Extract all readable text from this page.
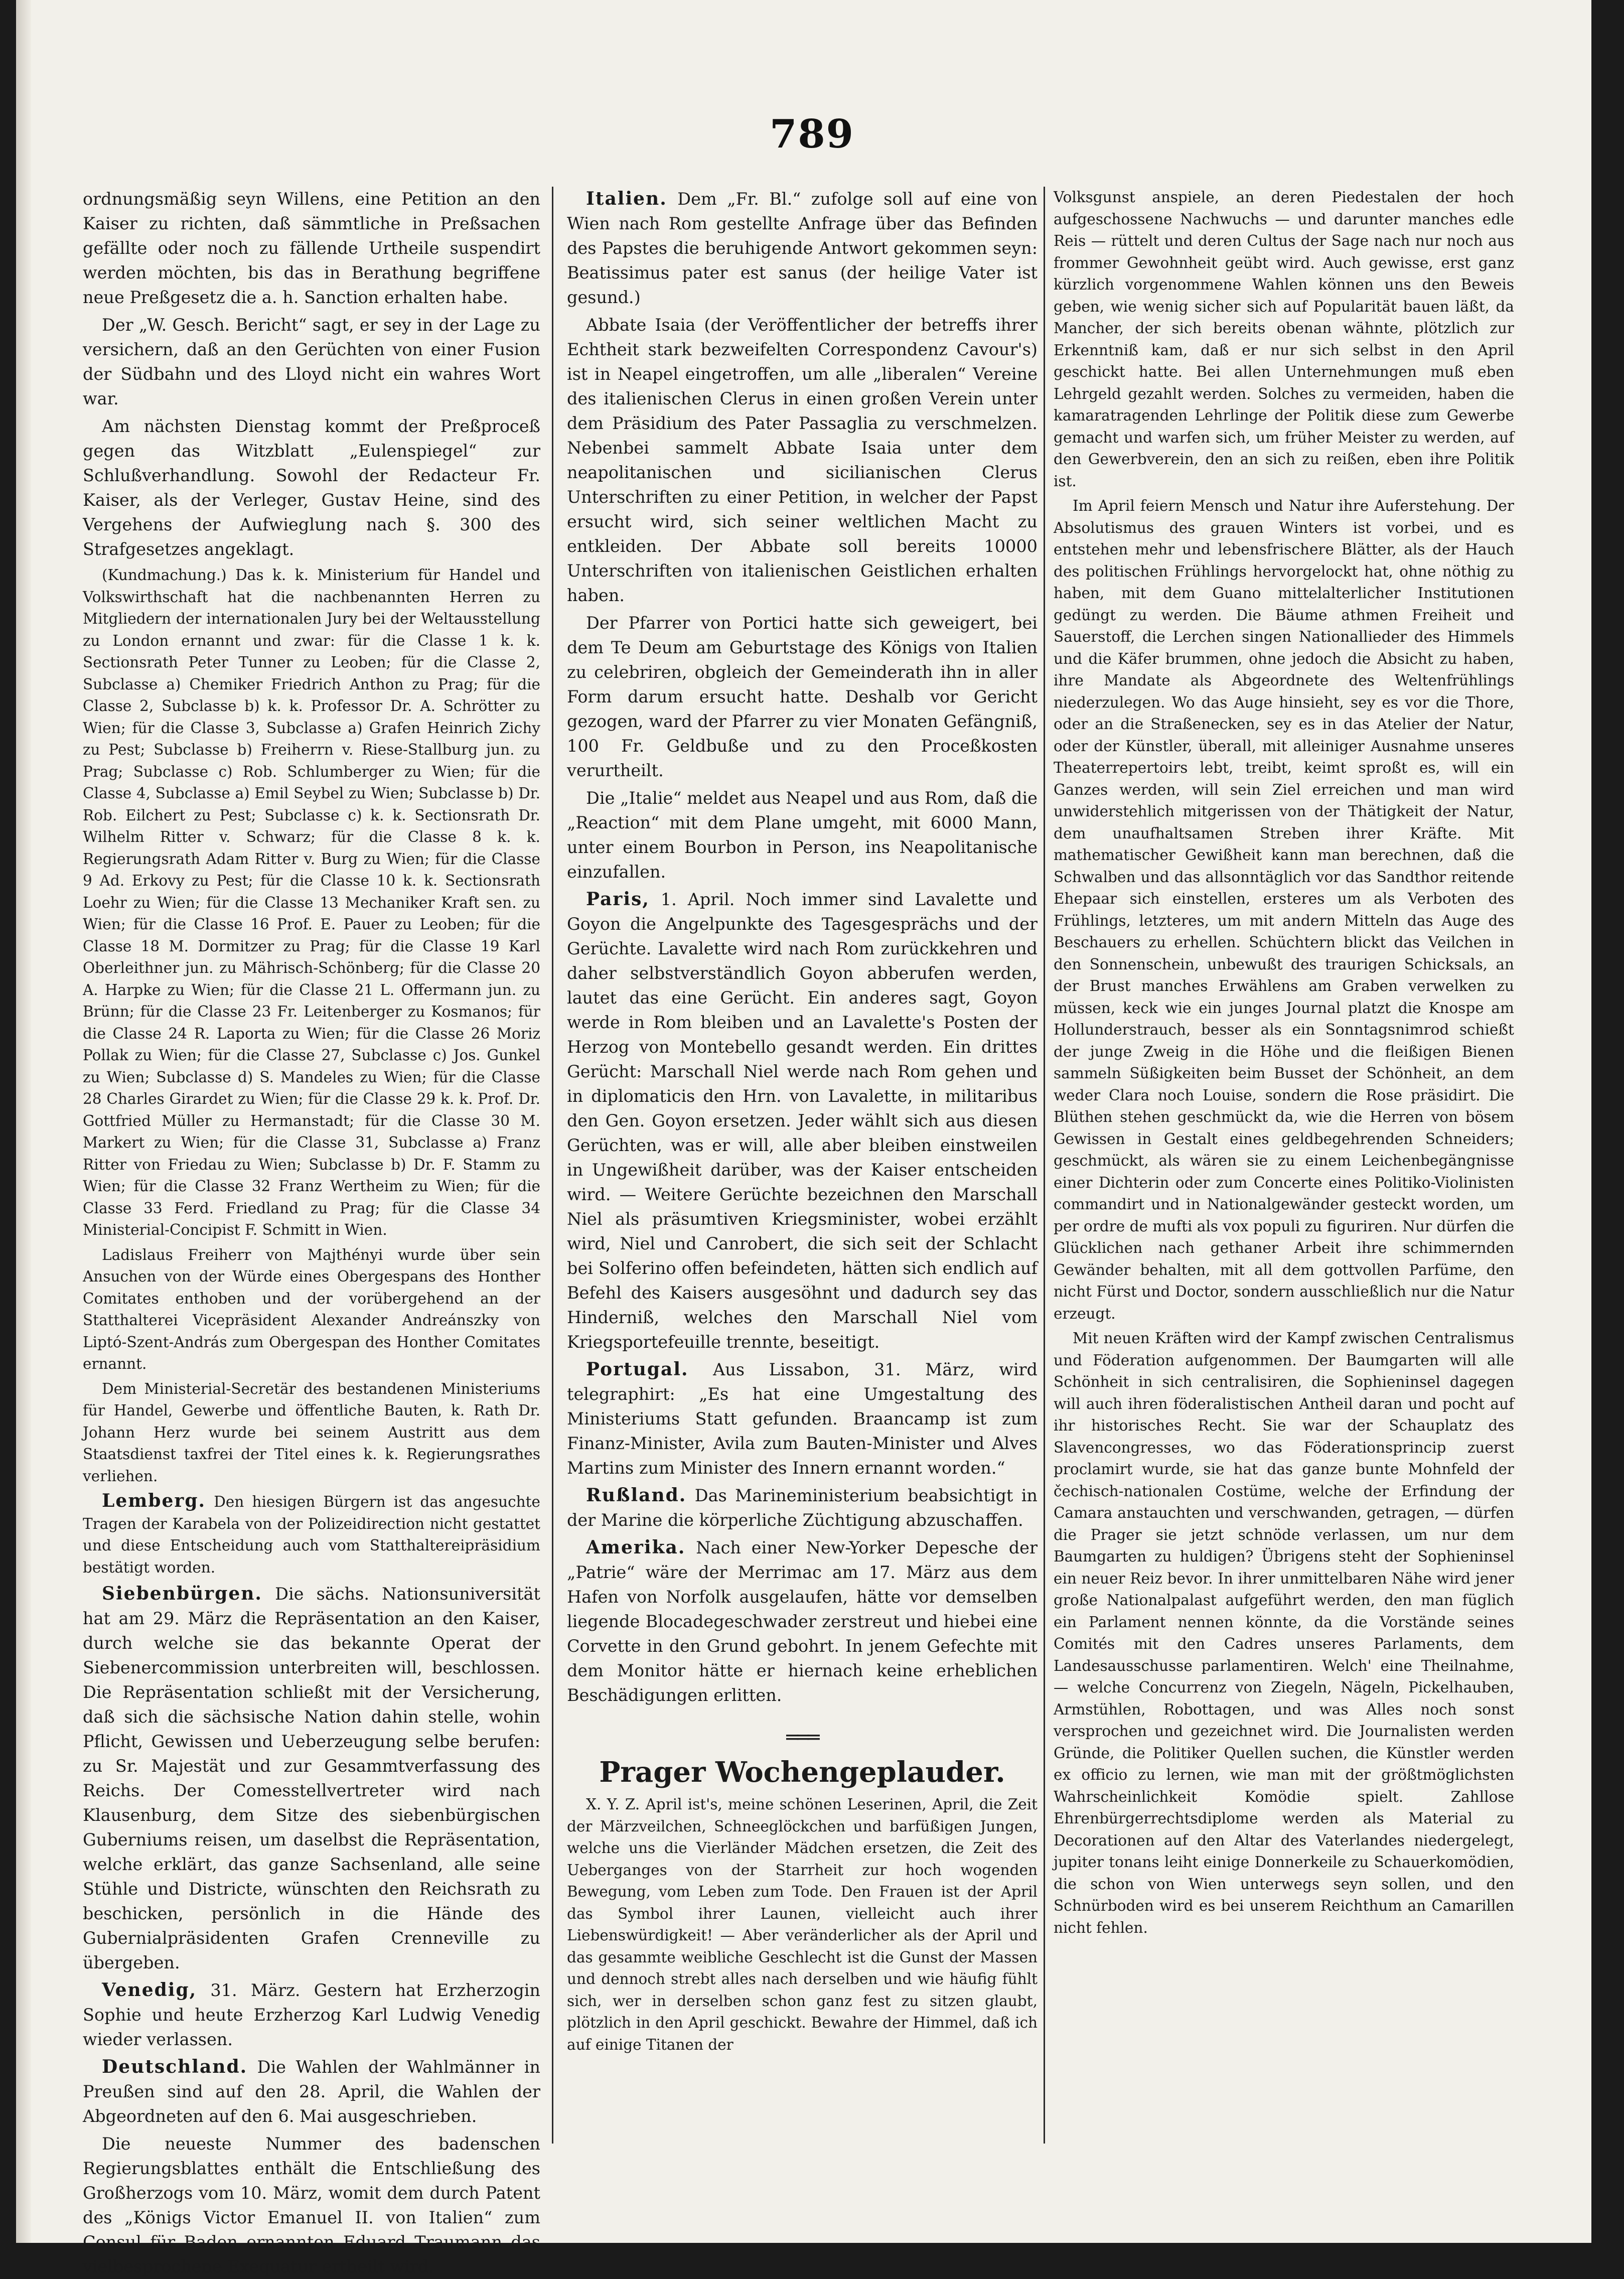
789

ordnungsmäßig seyn Willens, eine Petition an den Kaiser zu richten, daß sämmtliche in Preßsachen gefällte oder noch zu fällende Urtheile suspendirt werden möchten, bis das in Berathung begriffene neue Preßgesetz die a. h. Sanction erhalten habe.

Der „W. Gesch. Bericht“ sagt, er sey in der Lage zu versichern, daß an den Gerüchten von einer Fusion der Südbahn und des Lloyd nicht ein wahres Wort war.

Am nächsten Dienstag kommt der Preßproceß gegen das Witzblatt „Eulenspiegel“ zur Schlußverhandlung. Sowohl der Redacteur Fr. Kaiser, als der Verleger, Gustav Heine, sind des Vergehens der Aufwieglung nach §. 300 des Strafgesetzes angeklagt.

(Kundmachung.) Das k. k. Ministerium für Handel und Volkswirthschaft hat die nachbenannten Herren zu Mitgliedern der internationalen Jury bei der Weltausstellung zu London ernannt und zwar: für die Classe 1 k. k. Sectionsrath Peter Tunner zu Leoben; für die Classe 2, Subclasse a) Chemiker Friedrich Anthon zu Prag; für die Classe 2, Subclasse b) k. k. Professor Dr. A. Schrötter zu Wien; für die Classe 3, Subclasse a) Grafen Heinrich Zichy zu Pest; Subclasse b) Freiherrn v. Riese-Stallburg jun. zu Prag; Subclasse c) Rob. Schlumberger zu Wien; für die Classe 4, Subclasse a) Emil Seybel zu Wien; Subclasse b) Dr. Rob. Eilchert zu Pest; Subclasse c) k. k. Sectionsrath Dr. Wilhelm Ritter v. Schwarz; für die Classe 8 k. k. Regierungsrath Adam Ritter v. Burg zu Wien; für die Classe 9 Ad. Erkovy zu Pest; für die Classe 10 k. k. Sectionsrath Loehr zu Wien; für die Classe 13 Mechaniker Kraft sen. zu Wien; für die Classe 16 Prof. E. Pauer zu Leoben; für die Classe 18 M. Dormitzer zu Prag; für die Classe 19 Karl Oberleithner jun. zu Mährisch-Schönberg; für die Classe 20 A. Harpke zu Wien; für die Classe 21 L. Offermann jun. zu Brünn; für die Classe 23 Fr. Leitenberger zu Kosmanos; für die Classe 24 R. Laporta zu Wien; für die Classe 26 Moriz Pollak zu Wien; für die Classe 27, Subclasse c) Jos. Gunkel zu Wien; Subclasse d) S. Mandeles zu Wien; für die Classe 28 Charles Girardet zu Wien; für die Classe 29 k. k. Prof. Dr. Gottfried Müller zu Hermanstadt; für die Classe 30 M. Markert zu Wien; für die Classe 31, Subclasse a) Franz Ritter von Friedau zu Wien; Subclasse b) Dr. F. Stamm zu Wien; für die Classe 32 Franz Wertheim zu Wien; für die Classe 33 Ferd. Friedland zu Prag; für die Classe 34 Ministerial-Concipist F. Schmitt in Wien.

Ladislaus Freiherr von Majthényi wurde über sein Ansuchen von der Würde eines Obergespans des Honther Comitates enthoben und der vorübergehend an der Statthalterei Vicepräsident Alexander Andreánszky von Liptó-Szent-András zum Obergespan des Honther Comitates ernannt.

Dem Ministerial-Secretär des bestandenen Ministeriums für Handel, Gewerbe und öffentliche Bauten, k. Rath Dr. Johann Herz wurde bei seinem Austritt aus dem Staatsdienst taxfrei der Titel eines k. k. Regierungsrathes verliehen.

Lemberg. Den hiesigen Bürgern ist das angesuchte Tragen der Karabela von der Polizeidirection nicht gestattet und diese Entscheidung auch vom Statthaltereipräsidium bestätigt worden.

Siebenbürgen. Die sächs. Nationsuniversität hat am 29. März die Repräsentation an den Kaiser, durch welche sie das bekannte Operat der Siebenercommission unterbreiten will, beschlossen. Die Repräsentation schließt mit der Versicherung, daß sich die sächsische Nation dahin stelle, wohin Pflicht, Gewissen und Ueberzeugung selbe berufen: zu Sr. Majestät und zur Gesammtverfassung des Reichs. Der Comesstellvertreter wird nach Klausenburg, dem Sitze des siebenbürgischen Guberniums reisen, um daselbst die Repräsentation, welche erklärt, das ganze Sachsenland, alle seine Stühle und Districte, wünschten den Reichsrath zu beschicken, persönlich in die Hände des Gubernialpräsidenten Grafen Crenneville zu übergeben.

Venedig, 31. März. Gestern hat Erzherzogin Sophie und heute Erzherzog Karl Ludwig Venedig wieder verlassen.

Deutschland. Die Wahlen der Wahlmänner in Preußen sind auf den 28. April, die Wahlen der Abgeordneten auf den 6. Mai ausgeschrieben.

Die neueste Nummer des badenschen Regierungsblattes enthält die Entschließung des Großherzogs vom 10. März, womit dem durch Patent des „Königs Victor Emanuel II. von Italien“ zum Consul für Baden ernannten Eduard Traumann das vielbesprochene Exequatur ertheilt wird.

Italien. Dem „Fr. Bl.“ zufolge soll auf eine von Wien nach Rom gestellte Anfrage über das Befinden des Papstes die beruhigende Antwort gekommen seyn: Beatissimus pater est sanus (der heilige Vater ist gesund.)

Abbate Isaia (der Veröffentlicher der betreffs ihrer Echtheit stark bezweifelten Correspondenz Cavour's) ist in Neapel eingetroffen, um alle „liberalen“ Vereine des italienischen Clerus in einen großen Verein unter dem Präsidium des Pater Passaglia zu verschmelzen. Nebenbei sammelt Abbate Isaia unter dem neapolitanischen und sicilianischen Clerus Unterschriften zu einer Petition, in welcher der Papst ersucht wird, sich seiner weltlichen Macht zu entkleiden. Der Abbate soll bereits 10000 Unterschriften von italienischen Geistlichen erhalten haben.

Der Pfarrer von Portici hatte sich geweigert, bei dem Te Deum am Geburtstage des Königs von Italien zu celebriren, obgleich der Gemeinderath ihn in aller Form darum ersucht hatte. Deshalb vor Gericht gezogen, ward der Pfarrer zu vier Monaten Gefängniß, 100 Fr. Geldbuße und zu den Proceßkosten verurtheilt.

Die „Italie“ meldet aus Neapel und aus Rom, daß die „Reaction“ mit dem Plane umgeht, mit 6000 Mann, unter einem Bourbon in Person, ins Neapolitanische einzufallen.

Paris, 1. April. Noch immer sind Lavalette und Goyon die Angelpunkte des Tagesgesprächs und der Gerüchte. Lavalette wird nach Rom zurückkehren und daher selbstverständlich Goyon abberufen werden, lautet das eine Gerücht. Ein anderes sagt, Goyon werde in Rom bleiben und an Lavalette's Posten der Herzog von Montebello gesandt werden. Ein drittes Gerücht: Marschall Niel werde nach Rom gehen und in diplomaticis den Hrn. von Lavalette, in militaribus den Gen. Goyon ersetzen. Jeder wählt sich aus diesen Gerüchten, was er will, alle aber bleiben einstweilen in Ungewißheit darüber, was der Kaiser entscheiden wird. — Weitere Gerüchte bezeichnen den Marschall Niel als präsumtiven Kriegsminister, wobei erzählt wird, Niel und Canrobert, die sich seit der Schlacht bei Solferino offen befeindeten, hätten sich endlich auf Befehl des Kaisers ausgesöhnt und dadurch sey das Hinderniß, welches den Marschall Niel vom Kriegsportefeuille trennte, beseitigt.

Portugal. Aus Lissabon, 31. März, wird telegraphirt: „Es hat eine Umgestaltung des Ministeriums Statt gefunden. Braancamp ist zum Finanz-Minister, Avila zum Bauten-Minister und Alves Martins zum Minister des Innern ernannt worden.“

Rußland. Das Marineministerium beabsichtigt in der Marine die körperliche Züchtigung abzuschaffen.

Amerika. Nach einer New-Yorker Depesche der „Patrie“ wäre der Merrimac am 17. März aus dem Hafen von Norfolk ausgelaufen, hätte vor demselben liegende Blocadegeschwader zerstreut und hiebei eine Corvette in den Grund gebohrt. In jenem Gefechte mit dem Monitor hätte er hiernach keine erheblichen Beschädigungen erlitten.

═══
Prager Wochengeplauder.

X. Y. Z. April ist's, meine schönen Leserinen, April, die Zeit der Märzveilchen, Schneeglöckchen und barfüßigen Jungen, welche uns die Vierländer Mädchen ersetzen, die Zeit des Ueberganges von der Starrheit zur hoch wogenden Bewegung, vom Leben zum Tode. Den Frauen ist der April das Symbol ihrer Launen, vielleicht auch ihrer Liebenswürdigkeit! — Aber veränderlicher als der April und das gesammte weibliche Geschlecht ist die Gunst der Massen und dennoch strebt alles nach derselben und wie häufig fühlt sich, wer in derselben schon ganz fest zu sitzen glaubt, plötzlich in den April geschickt. Bewahre der Himmel, daß ich auf einige Titanen der

Volksgunst anspiele, an deren Piedestalen der hoch aufgeschossene Nachwuchs — und darunter manches edle Reis — rüttelt und deren Cultus der Sage nach nur noch aus frommer Gewohnheit geübt wird. Auch gewisse, erst ganz kürzlich vorgenommene Wahlen können uns den Beweis geben, wie wenig sicher sich auf Popularität bauen läßt, da Mancher, der sich bereits obenan wähnte, plötzlich zur Erkenntniß kam, daß er nur sich selbst in den April geschickt hatte. Bei allen Unternehmungen muß eben Lehrgeld gezahlt werden. Solches zu vermeiden, haben die kamaratragenden Lehrlinge der Politik diese zum Gewerbe gemacht und warfen sich, um früher Meister zu werden, auf den Gewerbverein, den an sich zu reißen, eben ihre Politik ist.

Im April feiern Mensch und Natur ihre Auferstehung. Der Absolutismus des grauen Winters ist vorbei, und es entstehen mehr und lebensfrischere Blätter, als der Hauch des politischen Frühlings hervorgelockt hat, ohne nöthig zu haben, mit dem Guano mittelalterlicher Institutionen gedüngt zu werden. Die Bäume athmen Freiheit und Sauerstoff, die Lerchen singen Nationallieder des Himmels und die Käfer brummen, ohne jedoch die Absicht zu haben, ihre Mandate als Abgeordnete des Weltenfrühlings niederzulegen. Wo das Auge hinsieht, sey es vor die Thore, oder an die Straßenecken, sey es in das Atelier der Natur, oder der Künstler, überall, mit alleiniger Ausnahme unseres Theaterrepertoirs lebt, treibt, keimt sproßt es, will ein Ganzes werden, will sein Ziel erreichen und man wird unwiderstehlich mitgerissen von der Thätigkeit der Natur, dem unaufhaltsamen Streben ihrer Kräfte. Mit mathematischer Gewißheit kann man berechnen, daß die Schwalben und das allsonntäglich vor das Sandthor reitende Ehepaar sich einstellen, ersteres um als Verboten des Frühlings, letzteres, um mit andern Mitteln das Auge des Beschauers zu erhellen. Schüchtern blickt das Veilchen in den Sonnenschein, unbewußt des traurigen Schicksals, an der Brust manches Erwählens am Graben verwelken zu müssen, keck wie ein junges Journal platzt die Knospe am Hollunderstrauch, besser als ein Sonntagsnimrod schießt der junge Zweig in die Höhe und die fleißigen Bienen sammeln Süßigkeiten beim Busset der Schönheit, an dem weder Clara noch Louise, sondern die Rose präsidirt. Die Blüthen stehen geschmückt da, wie die Herren von bösem Gewissen in Gestalt eines geldbegehrenden Schneiders; geschmückt, als wären sie zu einem Leichenbegängnisse einer Dichterin oder zum Concerte eines Politiko-Violinisten commandirt und in Nationalgewänder gesteckt worden, um per ordre de mufti als vox populi zu figuriren. Nur dürfen die Glücklichen nach gethaner Arbeit ihre schimmernden Gewänder behalten, mit all dem gottvollen Parfüme, den nicht Fürst und Doctor, sondern ausschließlich nur die Natur erzeugt.

Mit neuen Kräften wird der Kampf zwischen Centralismus und Föderation aufgenommen. Der Baumgarten will alle Schönheit in sich centralisiren, die Sophieninsel dagegen will auch ihren föderalistischen Antheil daran und pocht auf ihr historisches Recht. Sie war der Schauplatz des Slavencongresses, wo das Föderationsprincip zuerst proclamirt wurde, sie hat das ganze bunte Mohnfeld der čechisch-nationalen Costüme, welche der Erfindung der Camara anstauchten und verschwanden, getragen, — dürfen die Prager sie jetzt schnöde verlassen, um nur dem Baumgarten zu huldigen? Übrigens steht der Sophieninsel ein neuer Reiz bevor. In ihrer unmittelbaren Nähe wird jener große Nationalpalast aufgeführt werden, den man füglich ein Parlament nennen könnte, da die Vorstände seines Comités mit den Cadres unseres Parlaments, dem Landesausschusse parlamentiren. Welch' eine Theilnahme, — welche Concurrenz von Ziegeln, Nägeln, Pickelhauben, Armstühlen, Robottagen, und was Alles noch sonst versprochen und gezeichnet wird. Die Journalisten werden Gründe, die Politiker Quellen suchen, die Künstler werden ex officio zu lernen, wie man mit der größtmöglichsten Wahrscheinlichkeit Komödie spielt. Zahllose Ehrenbürgerrechtsdiplome werden als Material zu Decorationen auf den Altar des Vaterlandes niedergelegt, jupiter tonans leiht einige Donnerkeile zu Schauerkomödien, die schon von Wien unterwegs seyn sollen, und den Schnürboden wird es bei unserem Reichthum an Camarillen nicht fehlen.
